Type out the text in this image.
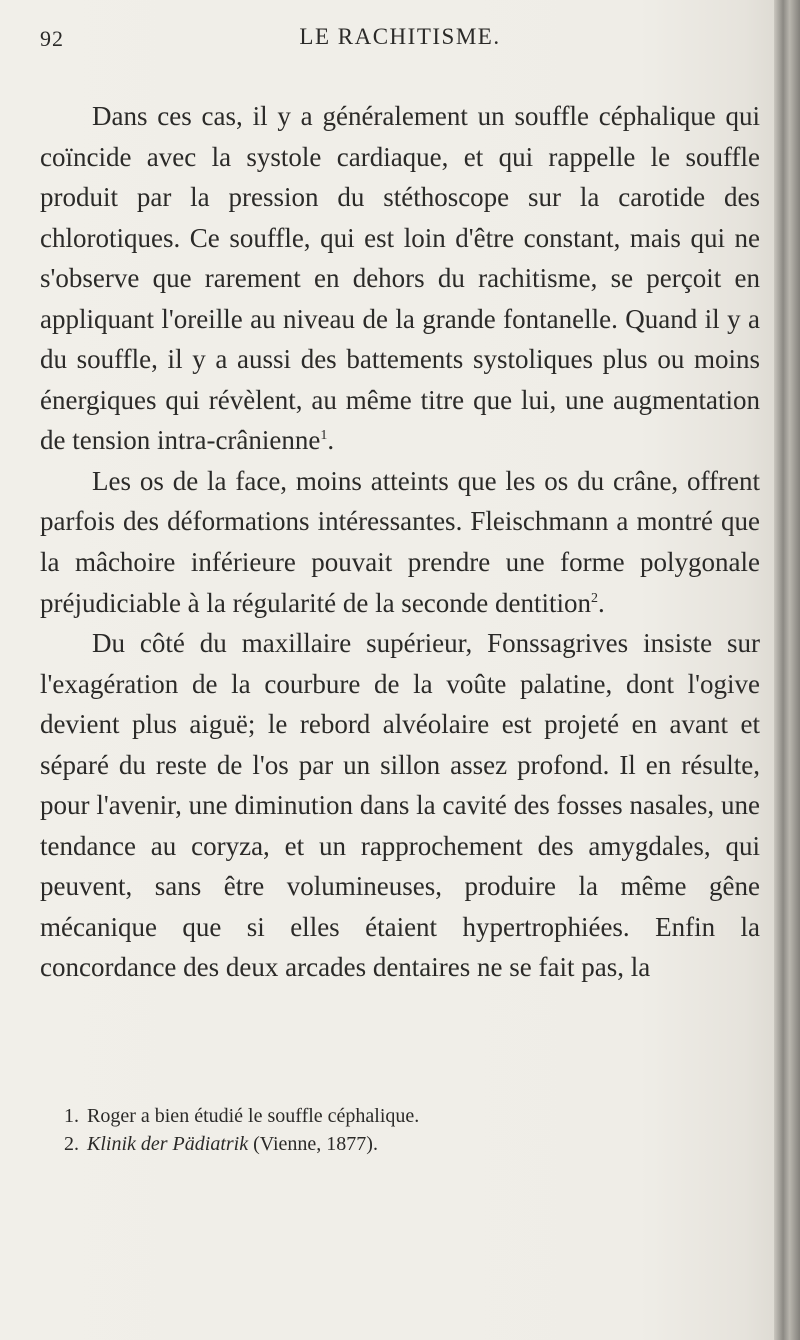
92	LE RACHITISME.

Dans ces cas, il y a généralement un souffle céphalique qui coïncide avec la systole cardiaque, et qui rappelle le souffle produit par la pression du stéthoscope sur la carotide des chlorotiques. Ce souffle, qui est loin d'être constant, mais qui ne s'observe que rarement en dehors du rachitisme, se perçoit en appliquant l'oreille au niveau de la grande fontanelle. Quand il y a du souffle, il y a aussi des battements systoliques plus ou moins énergiques qui révèlent, au même titre que lui, une augmentation de tension intra-crânienne$^1$.

Les os de la face, moins atteints que les os du crâne, offrent parfois des déformations intéressantes. Fleischmann a montré que la mâchoire inférieure pouvait prendre une forme polygonale préjudiciable à la régularité de la seconde dentition$^2$.

Du côté du maxillaire supérieur, Fonssagrives insiste sur l'exagération de la courbure de la voûte palatine, dont l'ogive devient plus aiguë; le rebord alvéolaire est projeté en avant et séparé du reste de l'os par un sillon assez profond. Il en résulte, pour l'avenir, une diminution dans la cavité des fosses nasales, une tendance au coryza, et un rapprochement des amygdales, qui peuvent, sans être volumineuses, produire la même gêne mécanique que si elles étaient hypertrophiées. Enfin la concordance des deux arcades dentaires ne se fait pas, la

1. Roger a bien étudié le souffle céphalique.
2. Klinik der Pädiatrik (Vienne, 1877).
